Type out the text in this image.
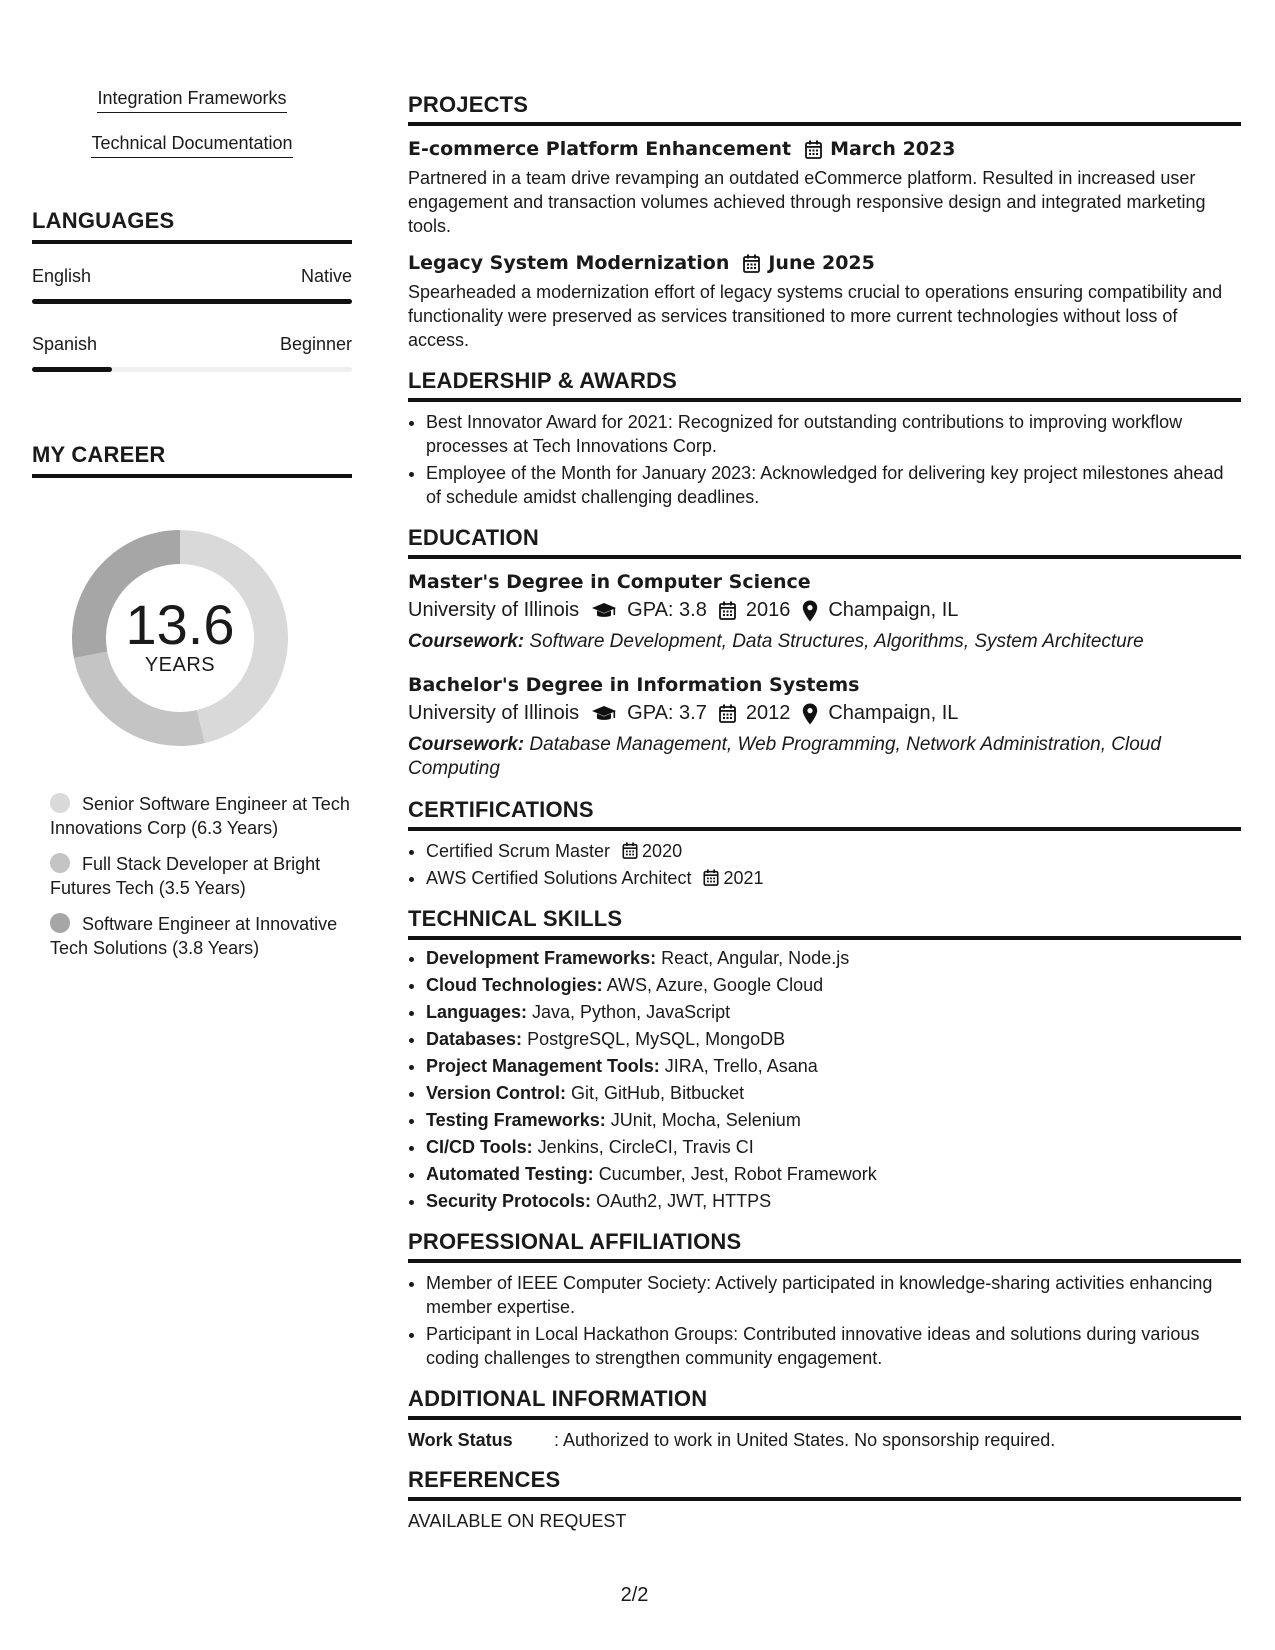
Integration Frameworks
Technical Documentation
LANGUAGES
English	Native
Spanish	Beginner
MY CAREER
13.6
YEARS
Senior Software Engineer at Tech Innovations Corp (6.3 Years)
Full Stack Developer at Bright Futures Tech (3.5 Years)
Software Engineer at Innovative Tech Solutions (3.8 Years)
PROJECTS
E-commerce Platform Enhancement March 2023
Partnered in a team drive revamping an outdated eCommerce platform. Resulted in increased user engagement and transaction volumes achieved through responsive design and integrated marketing tools.
Legacy System Modernization June 2025
Spearheaded a modernization effort of legacy systems crucial to operations ensuring compatibility and functionality were preserved as services transitioned to more current technologies without loss of access.
LEADERSHIP & AWARDS
• Best Innovator Award for 2021: Recognized for outstanding contributions to improving workflow processes at Tech Innovations Corp.
• Employee of the Month for January 2023: Acknowledged for delivering key project milestones ahead of schedule amidst challenging deadlines.
EDUCATION
Master's Degree in Computer Science
University of Illinois GPA: 3.8 2016 Champaign, IL
Coursework: Software Development, Data Structures, Algorithms, System Architecture
Bachelor's Degree in Information Systems
University of Illinois GPA: 3.7 2012 Champaign, IL
Coursework: Database Management, Web Programming, Network Administration, Cloud Computing
CERTIFICATIONS
• Certified Scrum Master 2020
• AWS Certified Solutions Architect 2021
TECHNICAL SKILLS
• Development Frameworks: React, Angular, Node.js
• Cloud Technologies: AWS, Azure, Google Cloud
• Languages: Java, Python, JavaScript
• Databases: PostgreSQL, MySQL, MongoDB
• Project Management Tools: JIRA, Trello, Asana
• Version Control: Git, GitHub, Bitbucket
• Testing Frameworks: JUnit, Mocha, Selenium
• CI/CD Tools: Jenkins, CircleCI, Travis CI
• Automated Testing: Cucumber, Jest, Robot Framework
• Security Protocols: OAuth2, JWT, HTTPS
PROFESSIONAL AFFILIATIONS
• Member of IEEE Computer Society: Actively participated in knowledge-sharing activities enhancing member expertise.
• Participant in Local Hackathon Groups: Contributed innovative ideas and solutions during various coding challenges to strengthen community engagement.
ADDITIONAL INFORMATION
Work Status	: Authorized to work in United States. No sponsorship required.
REFERENCES
AVAILABLE ON REQUEST
2/2
